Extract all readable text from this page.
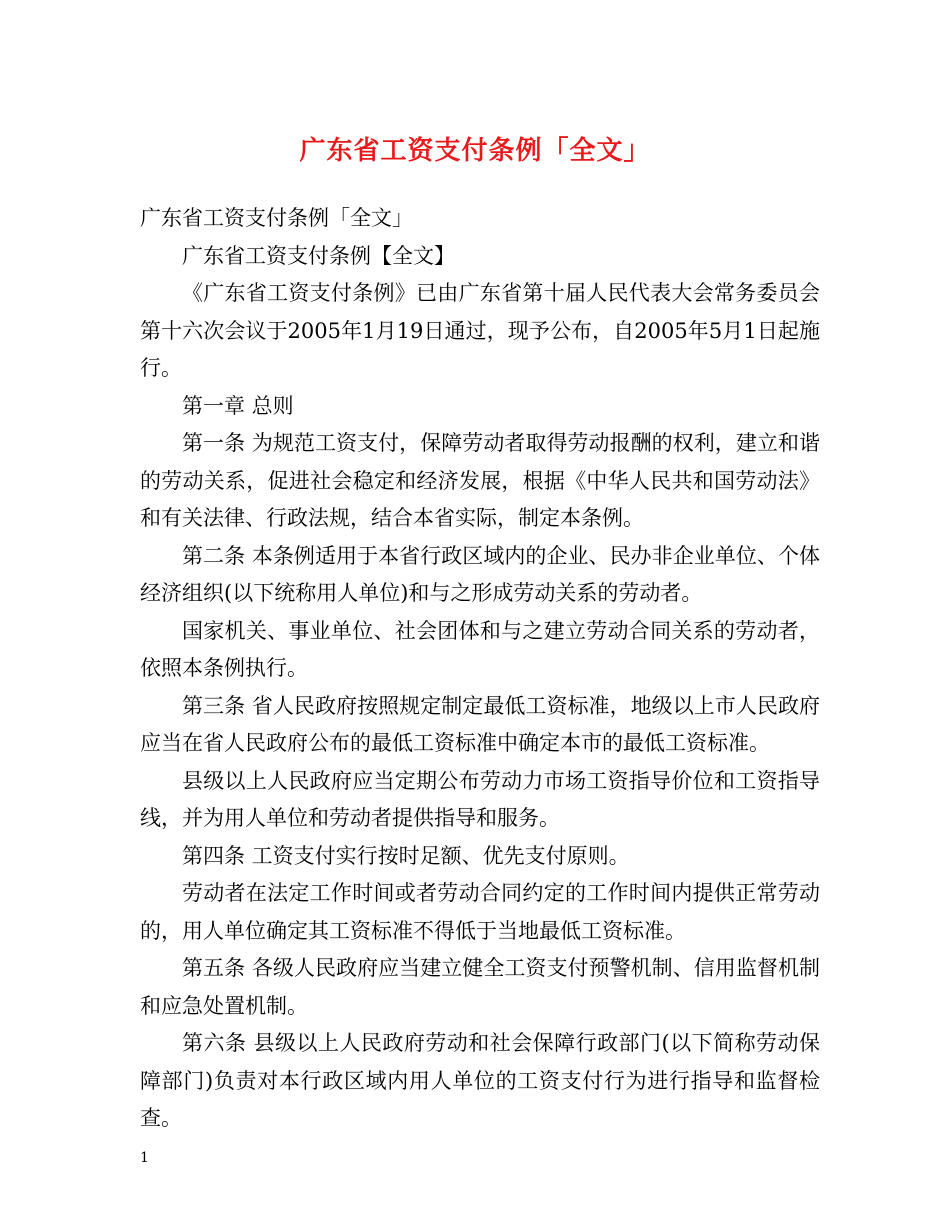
广东省工资支付条例「全文」

广东省工资支付条例「全文」

广东省工资支付条例【全文】

《广东省工资支付条例》已由广东省第十届人民代表大会常务委员会第十六次会议于2005年1月19日通过，现予公布，自2005年5月1日起施行。

第一章 总则

第一条 为规范工资支付，保障劳动者取得劳动报酬的权利，建立和谐的劳动关系，促进社会稳定和经济发展，根据《中华人民共和国劳动法》和有关法律、行政法规，结合本省实际，制定本条例。

第二条 本条例适用于本省行政区域内的企业、民办非企业单位、个体经济组织(以下统称用人单位)和与之形成劳动关系的劳动者。

国家机关、事业单位、社会团体和与之建立劳动合同关系的劳动者，依照本条例执行。

第三条 省人民政府按照规定制定最低工资标准，地级以上市人民政府应当在省人民政府公布的最低工资标准中确定本市的最低工资标准。

县级以上人民政府应当定期公布劳动力市场工资指导价位和工资指导线，并为用人单位和劳动者提供指导和服务。

第四条 工资支付实行按时足额、优先支付原则。

劳动者在法定工作时间或者劳动合同约定的工作时间内提供正常劳动的，用人单位确定其工资标准不得低于当地最低工资标准。

第五条 各级人民政府应当建立健全工资支付预警机制、信用监督机制和应急处置机制。

第六条 县级以上人民政府劳动和社会保障行政部门(以下简称劳动保障部门)负责对本行政区域内用人单位的工资支付行为进行指导和监督检查。

1
